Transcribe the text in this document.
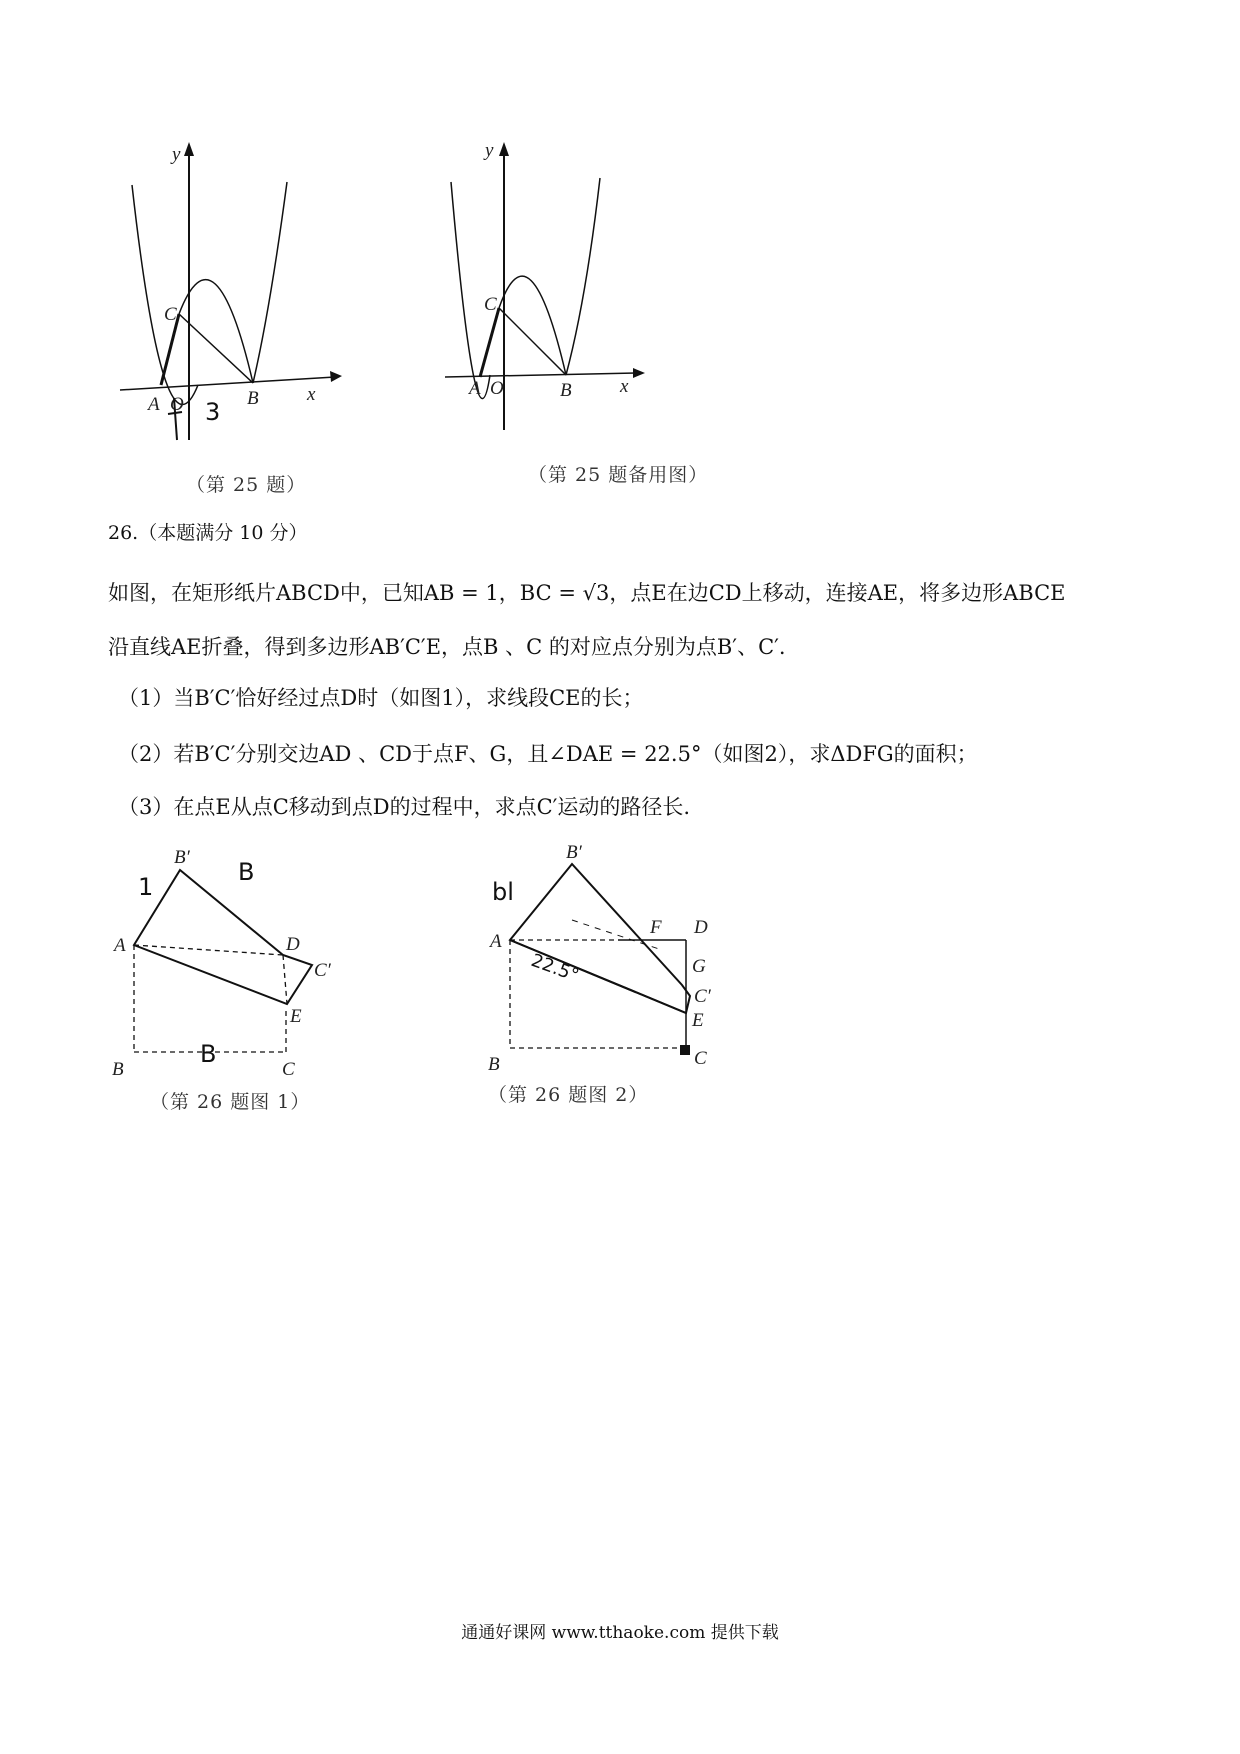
y
x
C
A O	B
3
（第 25 题）
y
x
C
A O	B
（第 25 题备用图）
26.（本题满分 10 分）
如图，在矩形纸片ABCD中，已知AB = 1，BC = √3，点E在边CD上移动，连接AE，将多边形ABCE
沿直线AE折叠，得到多边形AB′C′E，点B 、C 的对应点分别为点B′、C′.
（1）当B′C′恰好经过点D时（如图1），求线段CE的长；
（2）若B′C′分别交边AD 、CD于点F、G，且∠DAE = 22.5°（如图2），求ΔDFG的面积；
（3）在点E从点C移动到点D的过程中，求点C′运动的路径长.
A
B′
D
C′
E
B	C
1
B
B
（第 26 题图 1）
A
B′
F D
G
C′
E
B	C
bl
22.5°
（第 26 题图 2）
通通好课网 www.tthaoke.com 提供下载
